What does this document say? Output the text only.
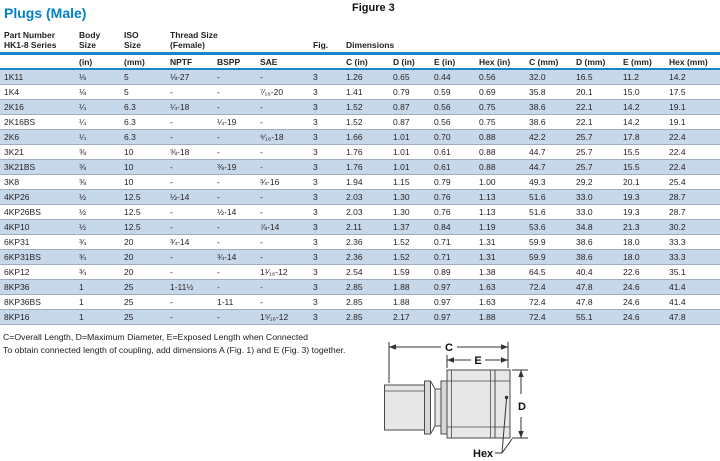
Plugs (Male)	Figure 3
Part Number
HK1-8 Series	Body
Size	ISO
Size	Thread Size
(Female)			Fig.	Dimensions							
	(in)	(mm)	NPTF	BSPP	SAE		C (in)	D (in)	E (in)	Hex (in)	C (mm)	D (mm)	E (mm)	Hex (mm)
1K11	⅛	5	⅛-27	-	-	3	1.26	0.65	0.44	0.56	32.0	16.5	11.2	14.2
1K4	⅛	5	-	-	⁷⁄₁₆-20	3	1.41	0.79	0.59	0.69	35.8	20.1	15.0	17.5
2K16	¼	6.3	¼-18	-	-	3	1.52	0.87	0.56	0.75	38.6	22.1	14.2	19.1
2K16BS	¼	6.3	-	¼-19	-	3	1.52	0.87	0.56	0.75	38.6	22.1	14.2	19.1
2K6	¼	6.3	-	-	⁹⁄₁₆-18	3	1.66	1.01	0.70	0.88	42.2	25.7	17.8	22.4
3K21	⅜	10	⅜-18	-	-	3	1.76	1.01	0.61	0.88	44.7	25.7	15.5	22.4
3K21BS	⅜	10	-	⅜-19	-	3	1.76	1.01	0.61	0.88	44.7	25.7	15.5	22.4
3K8	⅜	10	-	-	¾-16	3	1.94	1.15	0.79	1.00	49.3	29.2	20.1	25.4
4KP26	½	12.5	½-14	-	-	3	2.03	1.30	0.76	1.13	51.6	33.0	19.3	28.7
4KP26BS	½	12.5	-	½-14	-	3	2.03	1.30	0.76	1.13	51.6	33.0	19.3	28.7
4KP10	½	12.5	-	-	⅞-14	3	2.11	1.37	0.84	1.19	53.6	34.8	21.3	30.2
6KP31	¾	20	¾-14	-	-	3	2.36	1.52	0.71	1.31	59.9	38.6	18.0	33.3
6KP31BS	¾	20	-	¾-14	-	3	2.36	1.52	0.71	1.31	59.9	38.6	18.0	33.3
6KP12	¾	20	-	-	1¹⁄₁₆-12	3	2.54	1.59	0.89	1.38	64.5	40.4	22.6	35.1
8KP36	1	25	1-11½	-	-	3	2.85	1.88	0.97	1.63	72.4	47.8	24.6	41.4
8KP36BS	1	25	-	1-11	-	3	2.85	1.88	0.97	1.63	72.4	47.8	24.6	41.4
8KP16	1	25	-	-	1⁵⁄₁₆-12	3	2.85	2.17	0.97	1.88	72.4	55.1	24.6	47.8
C=Overall Length, D=Maximum Diameter, E=Exposed Length when Connected
To obtain connected length of coupling, add dimensions A (Fig. 1) and E (Fig. 3) together.	C
E
D
Hex
